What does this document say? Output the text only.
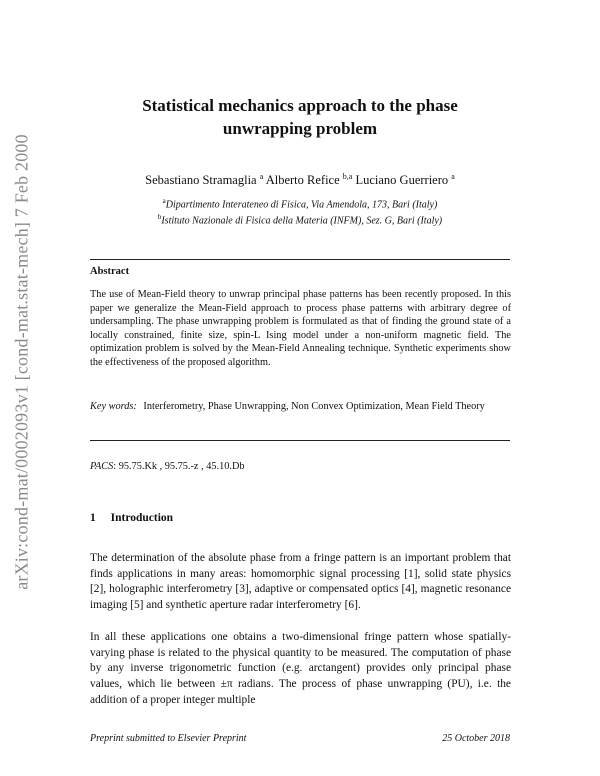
arXiv:cond-mat/0002093v1 [cond-mat.stat-mech] 7 Feb 2000
Statistical mechanics approach to the phase
unwrapping problem
Sebastiano Stramaglia $^a$ Alberto Refice $^{b,a}$ Luciano Guerriero $^a$
$^a$Dipartimento Interateneo di Fisica, Via Amendola, 173, Bari (Italy)
$^b$Istituto Nazionale di Fisica della Materia (INFM), Sez. G, Bari (Italy)
Abstract
The use of Mean-Field theory to unwrap principal phase patterns has been recently proposed. In this paper we generalize the Mean-Field approach to process phase patterns with arbitrary degree of undersampling. The phase unwrapping problem is formulated as that of finding the ground state of a locally constrained, finite size, spin-L Ising model under a non-uniform magnetic field. The optimization problem is solved by the Mean-Field Annealing technique. Synthetic experiments show the effectiveness of the proposed algorithm.
Key words: Interferometry, Phase Unwrapping, Non Convex Optimization, Mean Field Theory
PACS: 95.75.Kk , 95.75.-z , 45.10.Db
1 Introduction
The determination of the absolute phase from a fringe pattern is an important problem that finds applications in many areas: homomorphic signal processing [1], solid state physics [2], holographic interferometry [3], adaptive or compensated optics [4], magnetic resonance imaging [5] and synthetic aperture radar interferometry [6].
In all these applications one obtains a two-dimensional fringe pattern whose spatially-varying phase is related to the physical quantity to be measured. The computation of phase by any inverse trigonometric function (e.g. arctangent) provides only principal phase values, which lie between ±π radians. The process of phase unwrapping (PU), i.e. the addition of a proper integer multiple
Preprint submitted to Elsevier Preprint	25 October 2018
